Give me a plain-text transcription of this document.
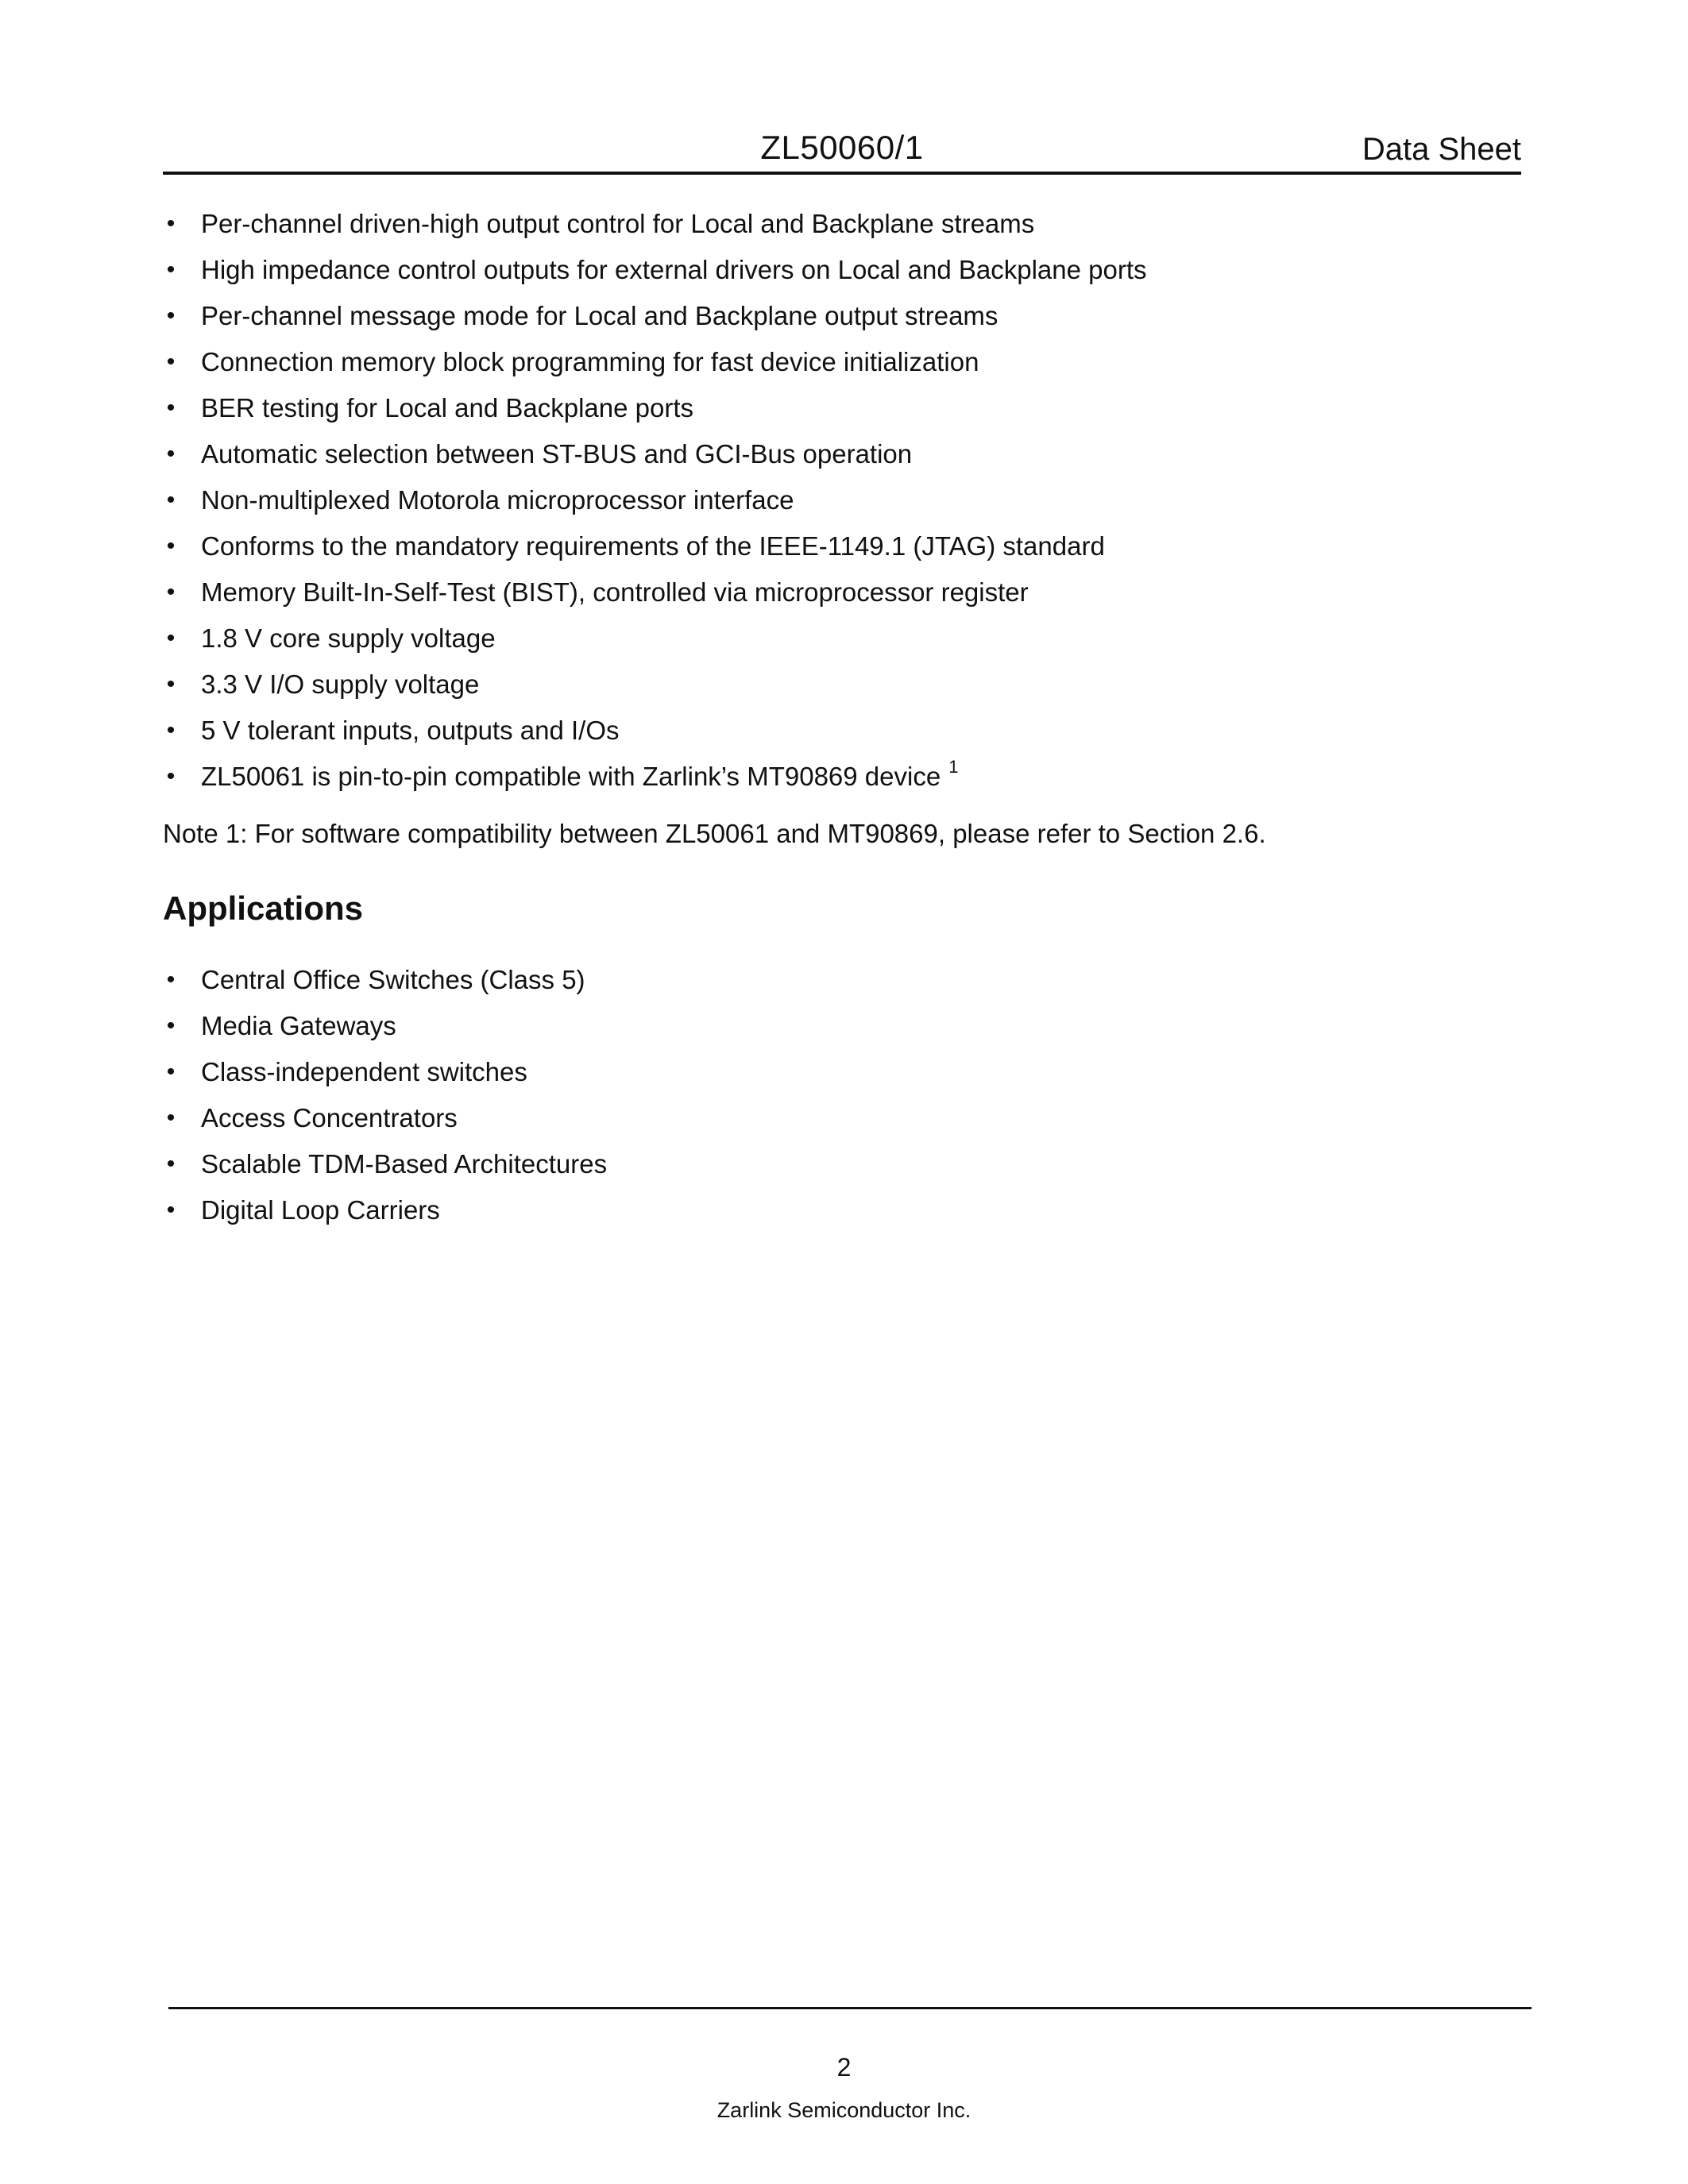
ZL50060/1	Data Sheet
• Per-channel driven-high output control for Local and Backplane streams
• High impedance control outputs for external drivers on Local and Backplane ports
• Per-channel message mode for Local and Backplane output streams
• Connection memory block programming for fast device initialization
• BER testing for Local and Backplane ports
• Automatic selection between ST-BUS and GCI-Bus operation
• Non-multiplexed Motorola microprocessor interface
• Conforms to the mandatory requirements of the IEEE-1149.1 (JTAG) standard
• Memory Built-In-Self-Test (BIST), controlled via microprocessor register
• 1.8 V core supply voltage
• 3.3 V I/O supply voltage
• 5 V tolerant inputs, outputs and I/Os
• ZL50061 is pin-to-pin compatible with Zarlink’s MT90869 device $^1$
Note 1: For software compatibility between ZL50061 and MT90869, please refer to Section 2.6.
Applications
• Central Office Switches (Class 5)
• Media Gateways
• Class-independent switches
• Access Concentrators
• Scalable TDM-Based Architectures
• Digital Loop Carriers
2
Zarlink Semiconductor Inc.
